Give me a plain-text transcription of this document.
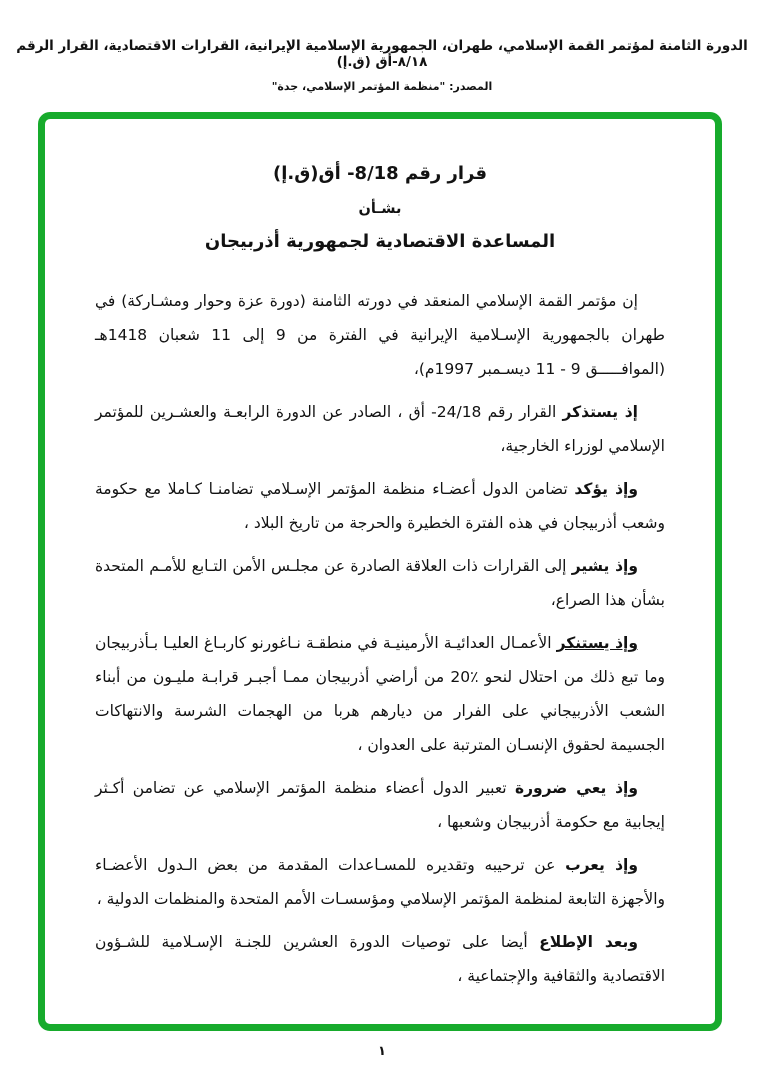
الدورة الثامنة لمؤتمر القمة الإسلامي، طهران، الجمهورية الإسلامية الإيرانية، القرارات الاقتصادية، القرار الرقم ٨/١٨-أق (ق.إ)
المصدر: "منظمة المؤتمر الإسلامي، جدة"
قرار رقم 8/18- أق(ق.إ)
بشـأن
المساعدة الاقتصادية لجمهورية أذربيجان

إن مؤتمر القمة الإسلامي المنعقد في دورته الثامنة (دورة عزة وحوار ومشـاركة) في طهران بالجمهورية الإسـلامية الإيرانية في الفترة من 9 إلى 11 شعبان 1418هـ (الموافـــــق 9 - 11 ديسـمبر 1997م)،

إذ يستذكر القرار رقم 24/18- أق ، الصادر عن الدورة الرابعـة والعشـرين للمؤتمر الإسلامي لوزراء الخارجية،

وإذ يؤكد تضامن الدول أعضـاء منظمة المؤتمر الإسـلامي تضامنـا كـاملا مع حكومة وشعب أذربيجان في هذه الفترة الخطيرة والحرجة من تاريخ البلاد ،

وإذ يشير إلى القرارات ذات العلاقة الصادرة عن مجلـس الأمن التـابع للأمـم المتحدة بشأن هذا الصراع،

وإذ يستنكر الأعمـال العدائيـة الأرمينيـة في منطقـة نـاغورنو كاربـاغ العليـا بـأذربيجان وما تبع ذلك من احتلال لنحو ٪20 من أراضي أذربيجان ممـا أجبـر قرابـة مليـون من أبناء الشعب الأذربيجاني على الفرار من ديارهم هربا من الهجمات الشرسة والانتهاكات الجسيمة لحقوق الإنسـان المترتبة على العدوان ،

وإذ يعي ضرورة تعبير الدول أعضاء منظمة المؤتمر الإسلامي عن تضامن أكـثر إيجابية مع حكومة أذربيجان وشعبها ،

وإذ يعرب عن ترحيبه وتقديره للمسـاعدات المقدمة من بعض الـدول الأعضـاء والأجهزة التابعة لمنظمة المؤتمر الإسلامي ومؤسسـات الأمم المتحدة والمنظمات الدولية ،

وبعد الإطلاع أيضا على توصيات الدورة العشرين للجنـة الإسـلامية للشـؤون الاقتصادية والثقافية والإجتماعية ،

١
